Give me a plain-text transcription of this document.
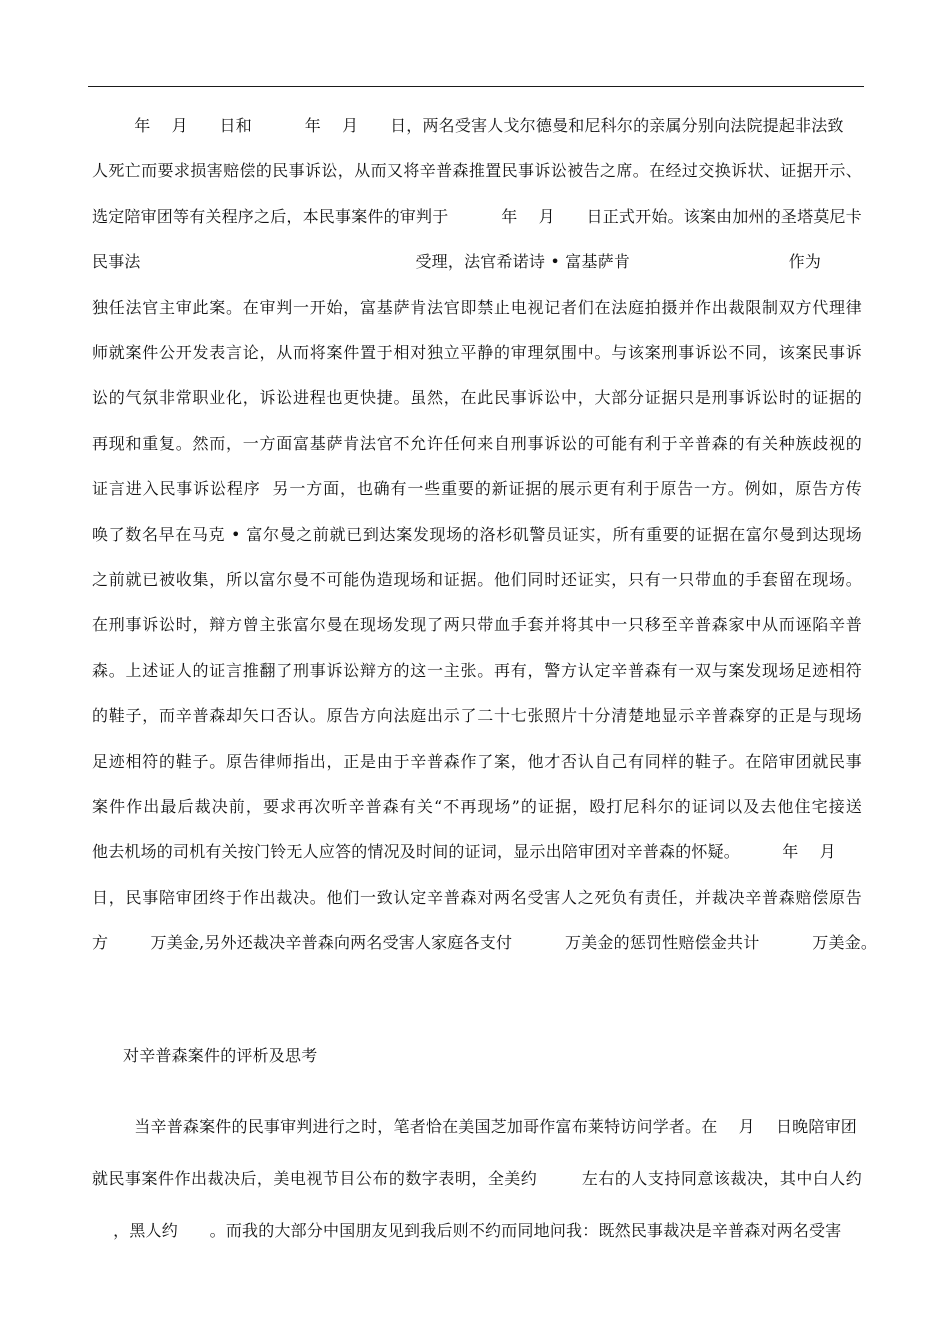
年    月      日和          年    月      日，两名受害人戈尔德曼和尼科尔的亲属分别向法院提起非法致
人死亡而要求损害赔偿的民事诉讼，从而又将辛普森推置民事诉讼被告之席。在经过交换诉状、证据开示、
选定陪审团等有关程序之后，本民事案件的审判于          年    月      日正式开始。该案由加州的圣塔莫尼卡
民事法                                                    受理，法官希诺诗 • 富基萨肯                              作为
独任法官主审此案。在审判一开始，富基萨肯法官即禁止电视记者们在法庭拍摄并作出裁限制双方代理律
师就案件公开发表言论，从而将案件置于相对独立平静的审理氛围中。与该案刑事诉讼不同，该案民事诉
讼的气氛非常职业化，诉讼进程也更快捷。虽然，在此民事诉讼中，大部分证据只是刑事诉讼时的证据的
再现和重复。然而，一方面富基萨肯法官不允许任何来自刑事诉讼的可能有利于辛普森的有关种族歧视的
证言进入民事诉讼程序  另一方面，也确有一些重要的新证据的展示更有利于原告一方。例如，原告方传
唤了数名早在马克 • 富尔曼之前就已到达案发现场的洛杉矶警员证实，所有重要的证据在富尔曼到达现场
之前就已被收集，所以富尔曼不可能伪造现场和证据。他们同时还证实，只有一只带血的手套留在现场。
在刑事诉讼时，辩方曾主张富尔曼在现场发现了两只带血手套并将其中一只移至辛普森家中从而诬陷辛普
森。上述证人的证言推翻了刑事诉讼辩方的这一主张。再有，警方认定辛普森有一双与案发现场足迹相符
的鞋子，而辛普森却矢口否认。原告方向法庭出示了二十七张照片十分清楚地显示辛普森穿的正是与现场
足迹相符的鞋子。原告律师指出，正是由于辛普森作了案，他才否认自己有同样的鞋子。在陪审团就民事
案件作出最后裁决前，要求再次听辛普森有关“不再现场”的证据，殴打尼科尔的证词以及去他住宅接送
他去机场的司机有关按门铃无人应答的情况及时间的证词，显示出陪审团对辛普森的怀疑。        年    月
日，民事陪审团终于作出裁决。他们一致认定辛普森对两名受害人之死负有责任，并裁决辛普森赔偿原告
方        万美金,另外还裁决辛普森向两名受害人家庭各支付          万美金的惩罚性赔偿金共计          万美金。
对辛普森案件的评析及思考
当辛普森案件的民事审判进行之时，笔者恰在美国芝加哥作富布莱特访问学者。在    月    日晚陪审团
就民事案件作出裁决后，美电视节目公布的数字表明，全美约        左右的人支持同意该裁决，其中白人约
，黑人约      。而我的大部分中国朋友见到我后则不约而同地问我：既然民事裁决是辛普森对两名受害
